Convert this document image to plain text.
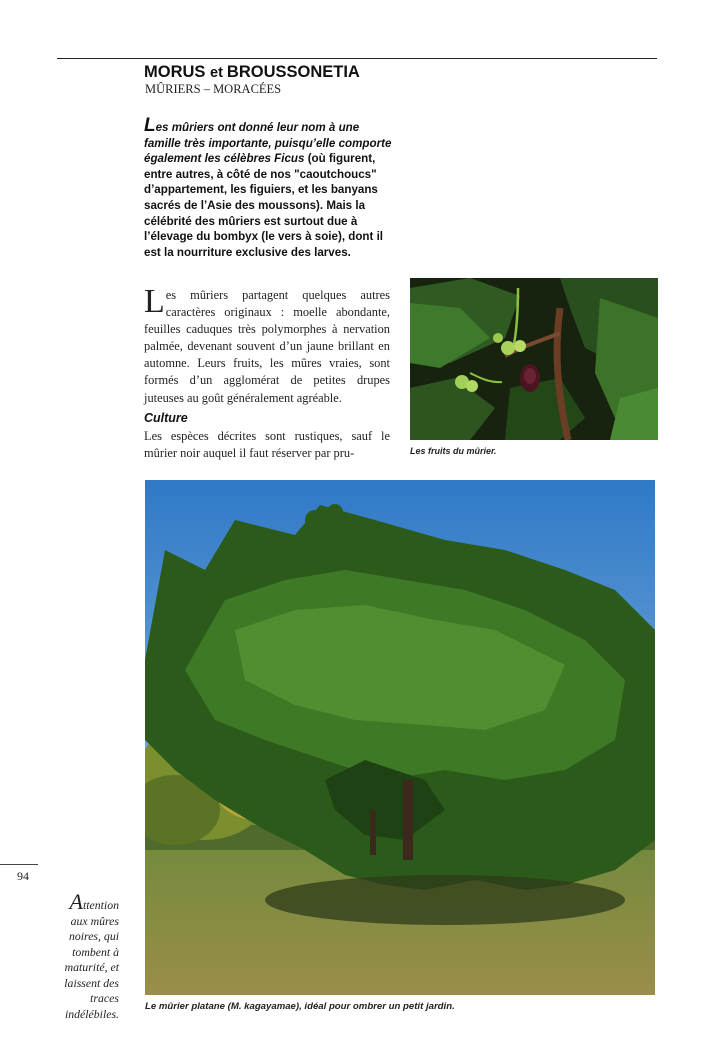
MORUS et BROUSSONETIA
MÛRIERS – MORACÉES

Les mûriers ont donné leur nom à une famille très importante, puisqu’elle comporte également les célèbres Ficus (où figurent, entre autres, à côté de nos "caoutchoucs" d’appartement, les figuiers, et les banyans sacrés de l’Asie des moussons). Mais la célébrité des mûriers est surtout due à l’élevage du bombyx (le vers à soie), dont il est la nourriture exclusive des larves.

Les mûriers partagent quelques autres caractères originaux : moelle abondante, feuilles caduques très polymorphes à nervation palmée, devenant souvent d’un jaune brillant en automne. Leurs fruits, les mûres vraies, sont formés d’un agglomérat de petites drupes juteuses au goût généralement agréable.

Culture

Les espèces décrites sont rustiques, sauf le mûrier noir auquel il faut réserver par pru-	Les fruits du mûrier.
Le mûrier platane (M. kagayamae), idéal pour ombrer un petit jardin.
94

Attention aux mûres noires, qui tombent à maturité, et laissent des traces indélébiles.
